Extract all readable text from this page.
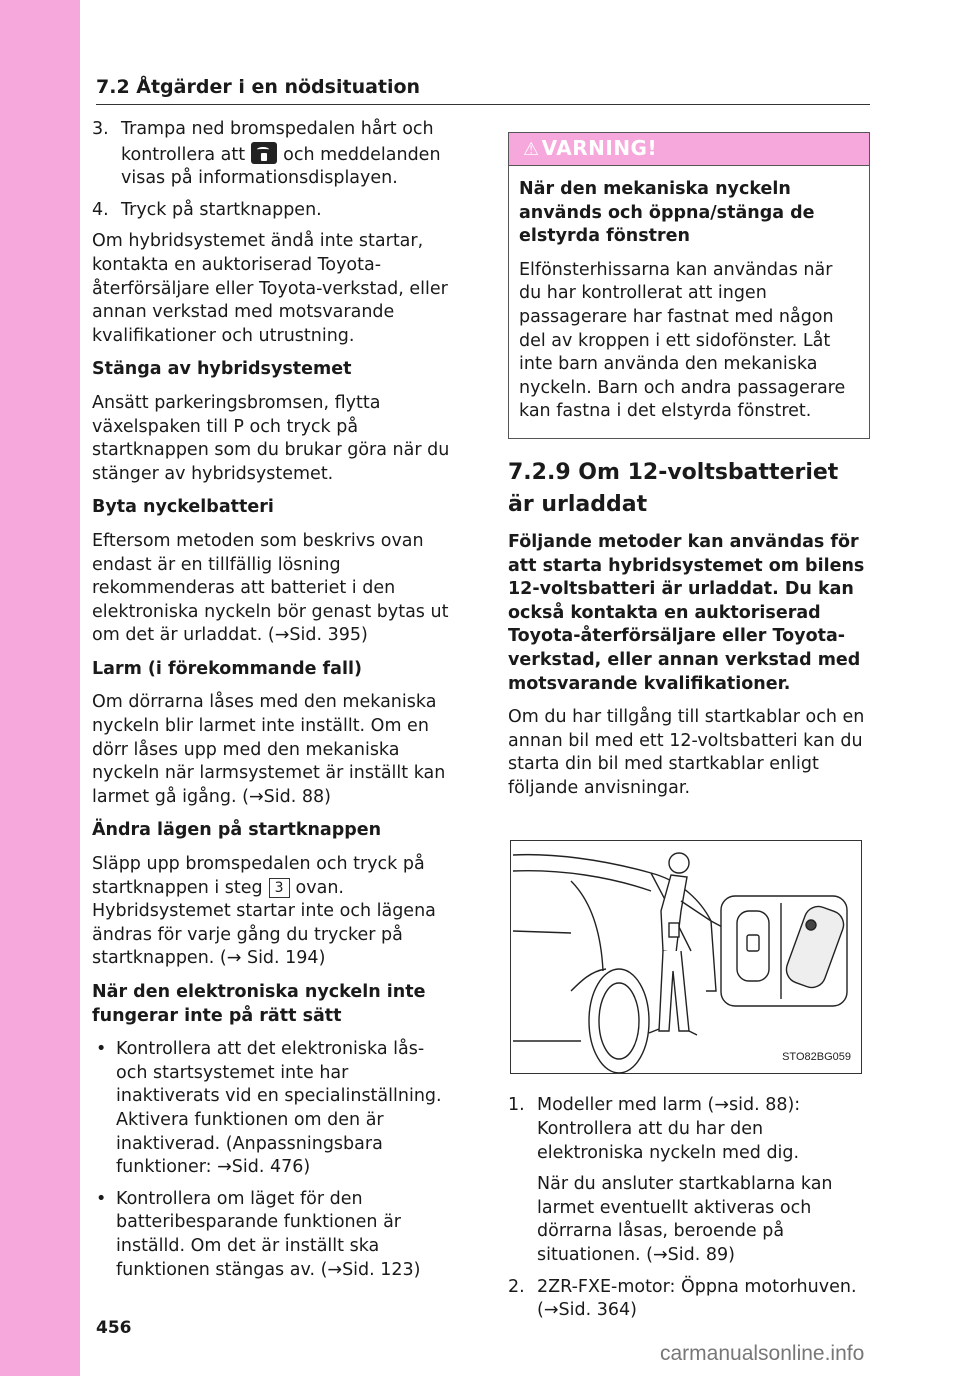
7.2 Åtgärder i en nödsituation
3. Trampa ned bromspedalen hårt och kontrollera att och meddelanden visas på informationsdisplayen.
4. Tryck på startknappen.

Om hybridsystemet ändå inte startar, kontakta en auktoriserad Toyota-återförsäljare eller Toyota-verkstad, eller annan verkstad med motsvarande kvalifikationer och utrustning.

Stänga av hybridsystemet

Ansätt parkeringsbromsen, flytta växelspaken till P och tryck på startknappen som du brukar göra när du stänger av hybridsystemet.

Byta nyckelbatteri

Eftersom metoden som beskrivs ovan endast är en tillfällig lösning rekommenderas att batteriet i den elektroniska nyckeln bör genast bytas ut om det är urladdat. (→Sid. 395)

Larm (i förekommande fall)

Om dörrarna låses med den mekaniska nyckeln blir larmet inte inställt. Om en dörr låses upp med den mekaniska nyckeln när larmsystemet är inställt kan larmet gå igång. (→Sid. 88)

Ändra lägen på startknappen

Släpp upp bromspedalen och tryck på startknappen i steg 3 ovan. Hybridsystemet startar inte och lägena ändras för varje gång du trycker på startknappen. (→ Sid. 194)

När den elektroniska nyckeln inte fungerar inte på rätt sätt

• Kontrollera att det elektroniska lås- och startsystemet inte har inaktiverats vid en specialinställning. Aktivera funktionen om den är inaktiverad. (Anpassningsbara funktioner: →Sid. 476)
• Kontrollera om läget för den batteribesparande funktionen är inställd. Om det är inställt ska funktionen stängas av. (→Sid. 123)
⚠ VARNING!

När den mekaniska nyckeln används och öppna/stänga de elstyrda fönstren

Elfönsterhissarna kan användas när du har kontrollerat att ingen passagerare har fastnat med någon del av kroppen i ett sidofönster. Låt inte barn använda den mekaniska nyckeln. Barn och andra passagerare kan fastna i det elstyrda fönstret.

7.2.9 Om 12-voltsbatteriet är urladdat

Följande metoder kan användas för att starta hybridsystemet om bilens 12-voltsbatteri är urladdat. Du kan också kontakta en auktoriserad Toyota-återförsäljare eller Toyota-verkstad, eller annan verkstad med motsvarande kvalifikationer.

Om du har tillgång till startkablar och en annan bil med ett 12-voltsbatteri kan du starta din bil med startkablar enligt följande anvisningar.

STO82BG059
1. Modeller med larm (→sid. 88): Kontrollera att du har den elektroniska nyckeln med dig.
När du ansluter startkablarna kan larmet eventuellt aktiveras och dörrarna låsas, beroende på situationen. (→Sid. 89)
2. 2ZR-FXE-motor: Öppna motorhuven. (→Sid. 364)
456
carmanualsonline.info
